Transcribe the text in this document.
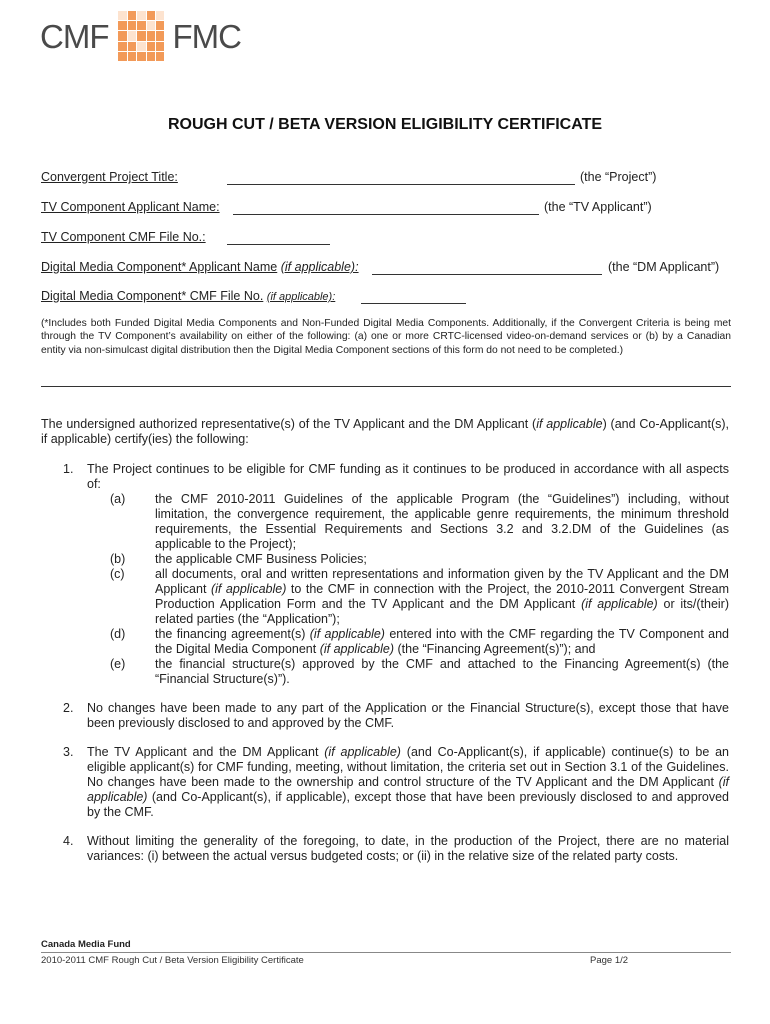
CMF FMC
ROUGH CUT / BETA VERSION ELIGIBILITY CERTIFICATE
Convergent Project Title:	(the “Project”)
TV Component Applicant Name:	(the “TV Applicant”)
TV Component CMF File No.:
Digital Media Component* Applicant Name (if applicable):	(the “DM Applicant”)
Digital Media Component* CMF File No. (if applicable):

(*Includes both Funded Digital Media Components and Non-Funded Digital Media Components. Additionally, if the Convergent Criteria is being met through the TV Component’s availability on either of the following: (a) one or more CRTC-licensed video-on-demand services or (b) by a Canadian entity via non-simulcast digital distribution then the Digital Media Component sections of this form do not need to be completed.)

The undersigned authorized representative(s) of the TV Applicant and the DM Applicant (if applicable) (and Co-Applicant(s), if applicable) certify(ies) the following:

1. The Project continues to be eligible for CMF funding as it continues to be produced in accordance with all aspects of:
(a) the CMF 2010-2011 Guidelines of the applicable Program (the “Guidelines”) including, without limitation, the convergence requirement, the applicable genre requirements, the minimum threshold requirements, the Essential Requirements and Sections 3.2 and 3.2.DM of the Guidelines (as applicable to the Project);
(b) the applicable CMF Business Policies;
(c) all documents, oral and written representations and information given by the TV Applicant and the DM Applicant (if applicable) to the CMF in connection with the Project, the 2010-2011 Convergent Stream Production Application Form and the TV Applicant and the DM Applicant (if applicable) or its/(their) related parties (the “Application”);
(d) the financing agreement(s) (if applicable) entered into with the CMF regarding the TV Component and the Digital Media Component (if applicable) (the “Financing Agreement(s)”); and
(e) the financial structure(s) approved by the CMF and attached to the Financing Agreement(s) (the “Financial Structure(s)”).
2. No changes have been made to any part of the Application or the Financial Structure(s), except those that have been previously disclosed to and approved by the CMF.
3. The TV Applicant and the DM Applicant (if applicable) (and Co-Applicant(s), if applicable) continue(s) to be an eligible applicant(s) for CMF funding, meeting, without limitation, the criteria set out in Section 3.1 of the Guidelines. No changes have been made to the ownership and control structure of the TV Applicant and the DM Applicant (if applicable) (and Co-Applicant(s), if applicable), except those that have been previously disclosed to and approved by the CMF.
4. Without limiting the generality of the foregoing, to date, in the production of the Project, there are no material variances: (i) between the actual versus budgeted costs; or (ii) in the relative size of the related party costs.
Canada Media Fund
2010-2011 CMF Rough Cut / Beta Version Eligibility Certificate	Page 1/2
